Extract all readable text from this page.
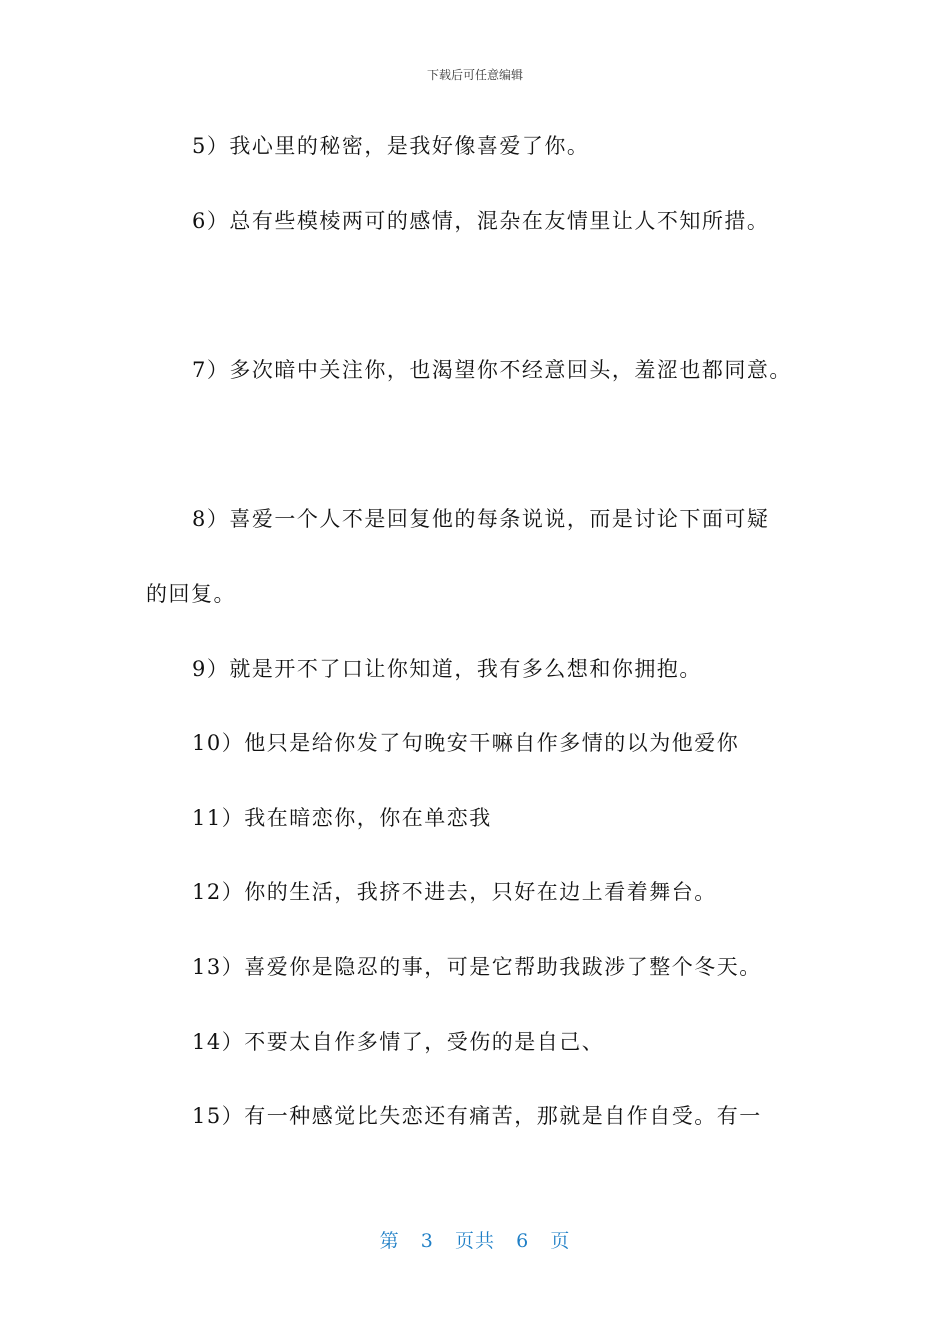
下载后可任意编辑
5）我心里的秘密，是我好像喜爱了你。
6）总有些模棱两可的感情，混杂在友情里让人不知所措。
7）多次暗中关注你，也渴望你不经意回头，羞涩也都同意。
8）喜爱一个人不是回复他的每条说说，而是讨论下面可疑
的回复。
9）就是开不了口让你知道，我有多么想和你拥抱。
10）他只是给你发了句晚安干嘛自作多情的以为他爱你
11）我在暗恋你，你在单恋我
12）你的生活，我挤不进去，只好在边上看着舞台。
13）喜爱你是隐忍的事，可是它帮助我跋涉了整个冬天。
14）不要太自作多情了，受伤的是自己、
15）有一种感觉比失恋还有痛苦，那就是自作自受。有一
第 3 页共 6 页
